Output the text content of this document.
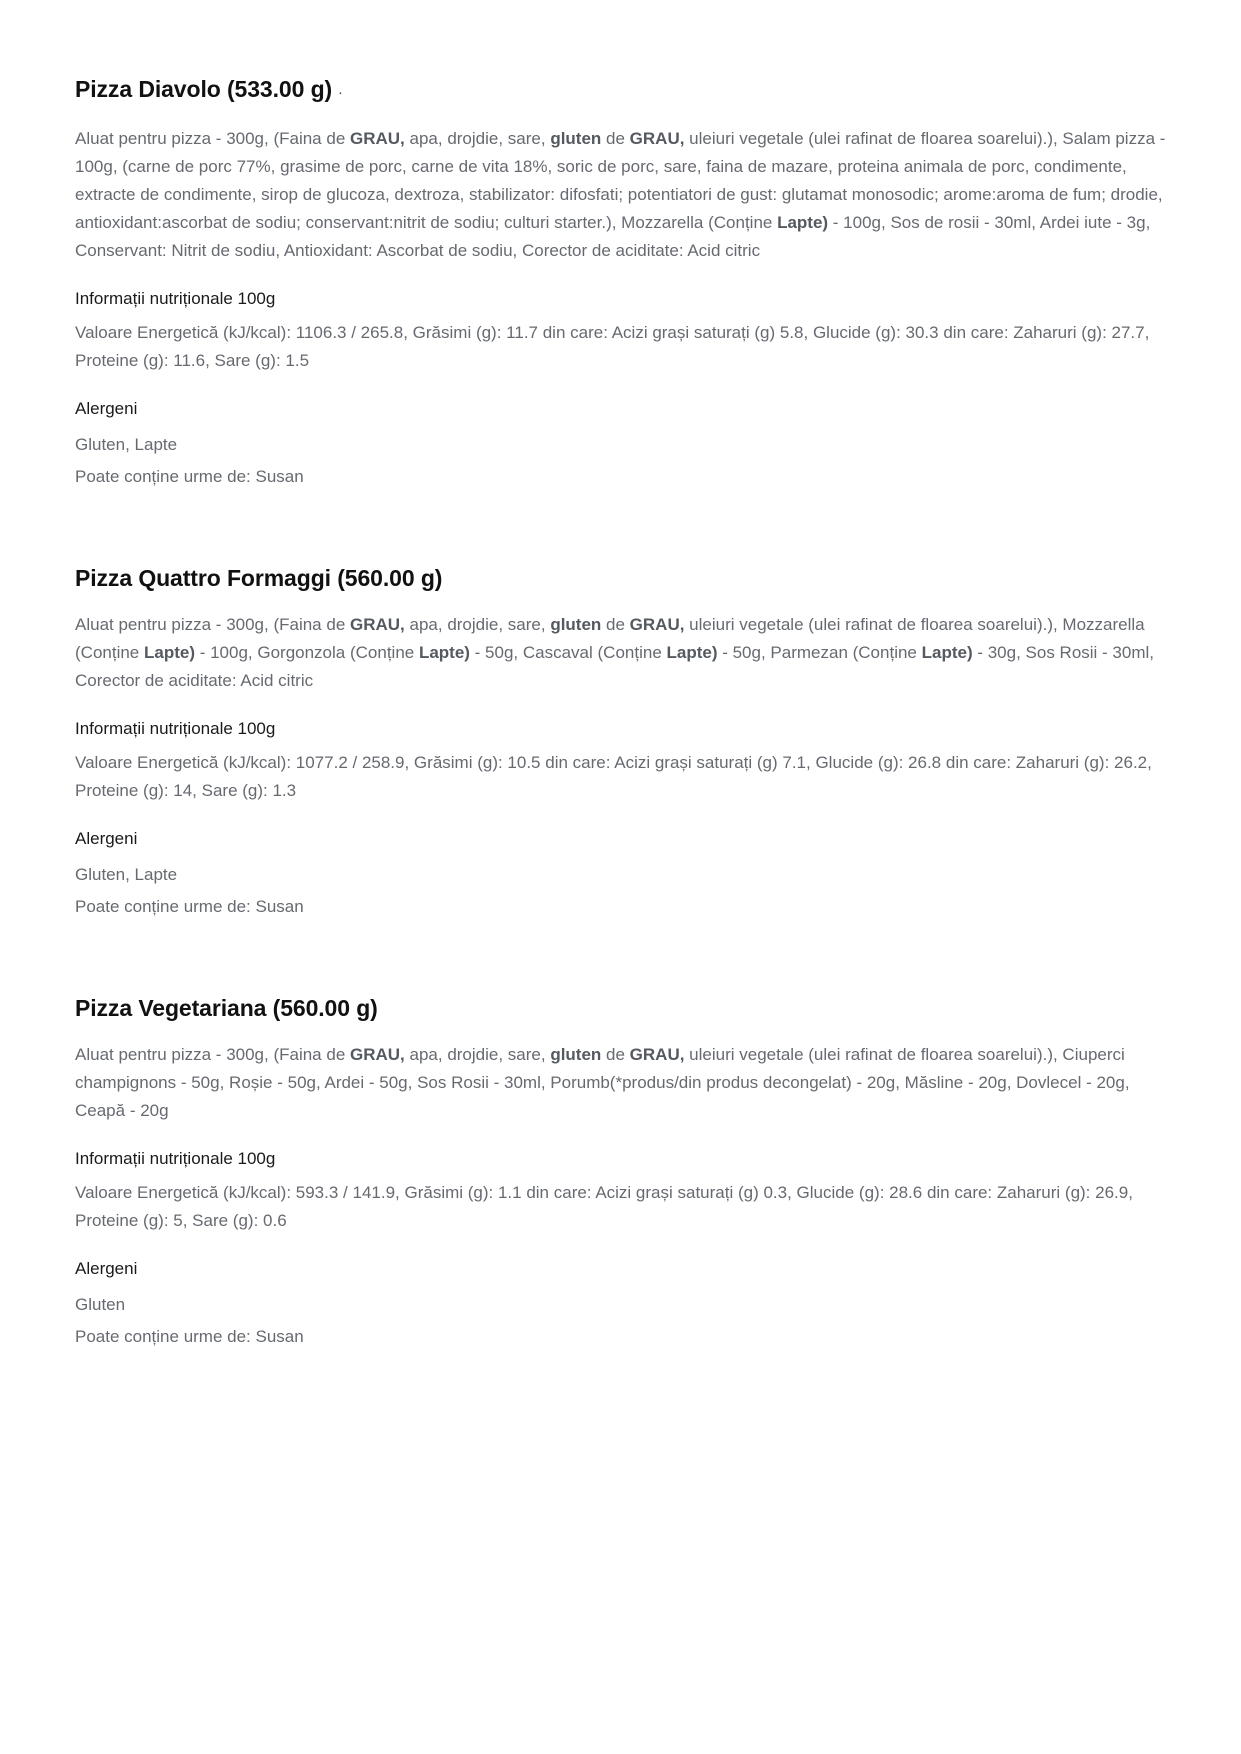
Pizza Diavolo (533.00 g) ·

Aluat pentru pizza - 300g, (Faina de GRAU, apa, drojdie, sare, gluten de GRAU, uleiuri vegetale (ulei rafinat de floarea soarelui).), Salam pizza - 100g, (carne de porc 77%, grasime de porc, carne de vita 18%, soric de porc, sare, faina de mazare, proteina animala de porc, condimente, extracte de condimente, sirop de glucoza, dextroza, stabilizator: difosfati; potentiatori de gust: glutamat monosodic; arome:aroma de fum; drodie, antioxidant:ascorbat de sodiu; conservant:nitrit de sodiu; culturi starter.), Mozzarella (Conține Lapte) - 100g, Sos de rosii - 30ml, Ardei iute - 3g, Conservant: Nitrit de sodiu, Antioxidant: Ascorbat de sodiu, Corector de aciditate: Acid citric

Informații nutriționale 100g

Valoare Energetică (kJ/kcal): 1106.3 / 265.8, Grăsimi (g): 11.7 din care: Acizi grași saturați (g) 5.8, Glucide (g): 30.3 din care: Zaharuri (g): 27.7, Proteine (g): 11.6, Sare (g): 1.5

Alergeni
Gluten, Lapte
Poate conține urme de: Susan
Pizza Quattro Formaggi (560.00 g)

Aluat pentru pizza - 300g, (Faina de GRAU, apa, drojdie, sare, gluten de GRAU, uleiuri vegetale (ulei rafinat de floarea soarelui).), Mozzarella (Conține Lapte) - 100g, Gorgonzola (Conține Lapte) - 50g, Cascaval (Conține Lapte) - 50g, Parmezan (Conține Lapte) - 30g, Sos Rosii - 30ml, Corector de aciditate: Acid citric

Informații nutriționale 100g

Valoare Energetică (kJ/kcal): 1077.2 / 258.9, Grăsimi (g): 10.5 din care: Acizi grași saturați (g) 7.1, Glucide (g): 26.8 din care: Zaharuri (g): 26.2, Proteine (g): 14, Sare (g): 1.3

Alergeni
Gluten, Lapte
Poate conține urme de: Susan
Pizza Vegetariana (560.00 g)

Aluat pentru pizza - 300g, (Faina de GRAU, apa, drojdie, sare, gluten de GRAU, uleiuri vegetale (ulei rafinat de floarea soarelui).), Ciuperci champignons - 50g, Roșie - 50g, Ardei - 50g, Sos Rosii - 30ml, Porumb(*produs/din produs decongelat) - 20g, Măsline - 20g, Dovlecel - 20g, Ceapă - 20g

Informații nutriționale 100g

Valoare Energetică (kJ/kcal): 593.3 / 141.9, Grăsimi (g): 1.1 din care: Acizi grași saturați (g) 0.3, Glucide (g): 28.6 din care: Zaharuri (g): 26.9, Proteine (g): 5, Sare (g): 0.6

Alergeni
Gluten
Poate conține urme de: Susan
